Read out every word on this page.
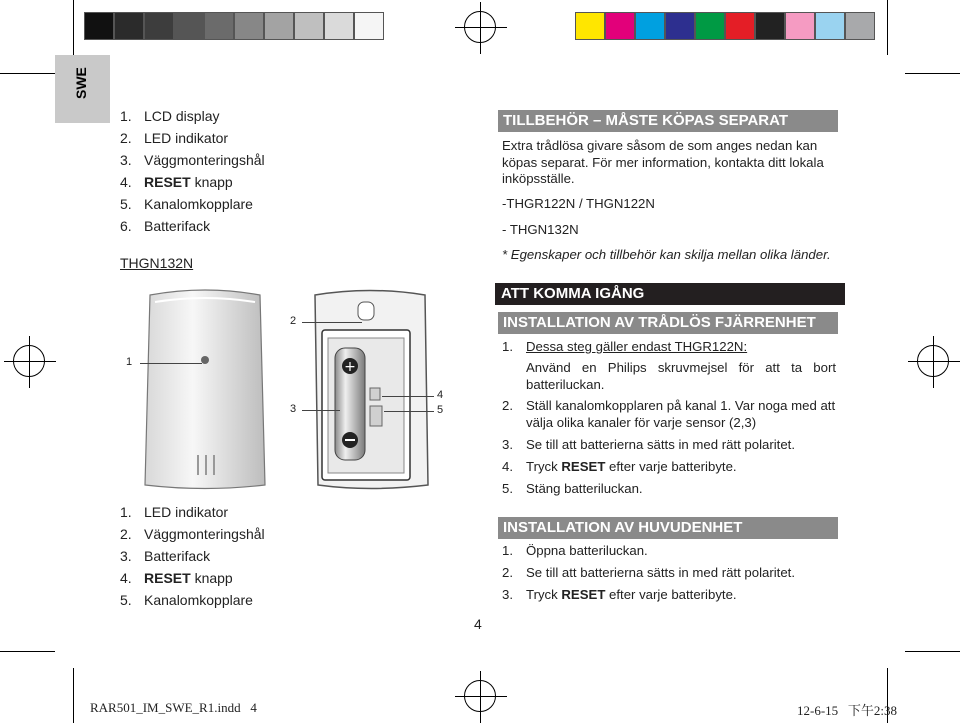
SWE
1. LCD display
2. LED indikator
3. Väggmonteringshål
4. RESET knapp
5. Kanalomkopplare
6. Batterifack
THGN132N
+
1
2
3
4
5
1. LED indikator
2. Väggmonteringshål
3. Batterifack
4. RESET knapp
5. Kanalomkopplare
TILLBEHÖR – MÅSTE KÖPAS SEPARAT
Extra trådlösa givare såsom de som anges nedan kan köpas separat. För mer information, kontakta ditt lokala inköpsställe.
-THGR122N / THGN122N
- THGN132N
* Egenskaper och tillbehör kan skilja mellan olika länder.
ATT KOMMA IGÅNG
INSTALLATION AV TRÅDLÖS FJÄRRENHET
1. Dessa steg gäller endast THGR122N:
Använd en Philips skruvmejsel för att ta bort batteriluckan.
2. Ställ kanalomkopplaren på kanal 1. Var noga med att välja olika kanaler för varje sensor (2,3)
3. Se till att batterierna sätts in med rätt polaritet.
4. Tryck RESET efter varje batteribyte.
5. Stäng batteriluckan.
INSTALLATION AV HUVUDENHET
1. Öppna batteriluckan.
2. Se till att batterierna sätts in med rätt polaritet.
3. Tryck RESET efter varje batteribyte.
4
RAR501_IM_SWE_R1.indd   4	12-6-15   下午2:38
